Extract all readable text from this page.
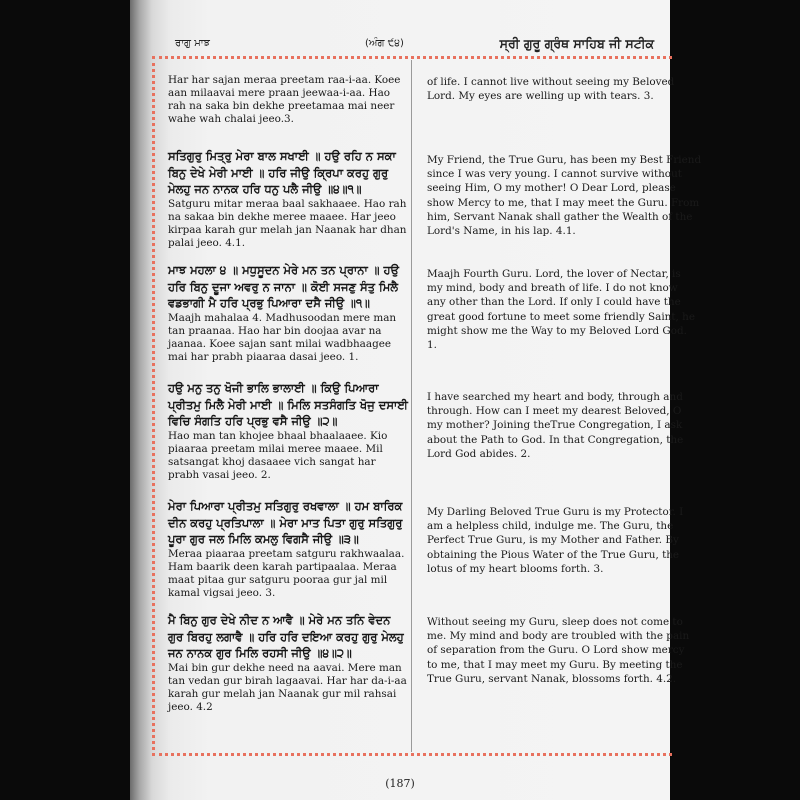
ਰਾਗੁ ਮਾਝ	(ਅੰਗ ੯੪)	ਸ੍ਰੀ ਗੁਰੂ ਗ੍ਰੰਥ ਸਾਹਿਬ ਜੀ ਸਟੀਕ
Har har sajan meraa preetam raa-i-aa. Koee aan milaavai mere praan jeewaa-i-aa. Hao rah na saka bin dekhe preetamaa mai neer wahe wah chalai jeeo.3.
of life. I cannot live without seeing my Beloved
Lord. My eyes are welling up with tears. 3.
ਸਤਿਗੁਰੁ ਮਿਤ੍ਰੁ ਮੇਰਾ ਬਾਲ ਸਖਾਈ ॥ ਹਉ ਰਹਿ ਨ ਸਕਾ ਬਿਨੁ ਦੇਖੇ ਮੇਰੀ ਮਾਈ ॥ ਹਰਿ ਜੀਉ ਕ੍ਰਿਪਾ ਕਰਹੁ ਗੁਰੁ ਮੇਲਹੁ ਜਨ ਨਾਨਕ ਹਰਿ ਧਨੁ ਪਲੈ ਜੀਉ ॥੪॥੧॥
Satguru mitar meraa baal sakhaaee. Hao rah na sakaa bin dekhe meree maaee. Har jeeo kirpaa karah gur melah jan Naanak har dhan palai jeeo. 4.1.
My Friend, the True Guru, has been my Best Friend
since I was very young. I cannot survive without
seeing Him, O my mother! O Dear Lord, please
show Mercy to me, that I may meet the Guru. From
him, Servant Nanak shall gather the Wealth of the
Lord's Name, in his lap. 4.1.
ਮਾਝ ਮਹਲਾ ੪ ॥ ਮਧੁਸੂਦਨ ਮੇਰੇ ਮਨ ਤਨ ਪ੍ਰਾਨਾ ॥ ਹਉ ਹਰਿ ਬਿਨੁ ਦੂਜਾ ਅਵਰੁ ਨ ਜਾਨਾ ॥ ਕੋਈ ਸਜਣੁ ਸੰਤੁ ਮਿਲੈ ਵਡਭਾਗੀ ਮੈ ਹਰਿ ਪ੍ਰਭੁ ਪਿਆਰਾ ਦਸੈ ਜੀਉ ॥੧॥
Maajh mahalaa 4. Madhusoodan mere man tan praanaa. Hao har bin doojaa avar na jaanaa. Koee sajan sant milai wadbhaagee mai har prabh piaaraa dasai jeeo. 1.
Maajh Fourth Guru. Lord, the lover of Nectar, is
my mind, body and breath of life. I do not know
any other than the Lord. If only I could have the
great good fortune to meet some friendly Saint, he
might show me the Way to my Beloved Lord God.
1.
ਹਉ ਮਨੁ ਤਨੁ ਖੋਜੀ ਭਾਲਿ ਭਾਲਾਈ ॥ ਕਿਉ ਪਿਆਰਾ ਪ੍ਰੀਤਮੁ ਮਿਲੈ ਮੇਰੀ ਮਾਈ ॥ ਮਿਲਿ ਸਤਸੰਗਤਿ ਖੋਜੁ ਦਸਾਈ ਵਿਚਿ ਸੰਗਤਿ ਹਰਿ ਪ੍ਰਭੁ ਵਸੈ ਜੀਉ ॥੨॥
Hao man tan khojee bhaal bhaalaaee. Kio piaaraa preetam milai meree maaee. Mil satsangat khoj dasaaee vich sangat har prabh vasai jeeo. 2.
I have searched my heart and body, through and
through. How can I meet my dearest Beloved, O
my mother? Joining theTrue Congregation, I ask
about the Path to God. In that Congregation, the
Lord God abides. 2.
ਮੇਰਾ ਪਿਆਰਾ ਪ੍ਰੀਤਮੁ ਸਤਿਗੁਰੁ ਰਖਵਾਲਾ ॥ ਹਮ ਬਾਰਿਕ ਦੀਨ ਕਰਹੁ ਪ੍ਰਤਿਪਾਲਾ ॥ ਮੇਰਾ ਮਾਤ ਪਿਤਾ ਗੁਰੁ ਸਤਿਗੁਰੁ ਪੂਰਾ ਗੁਰ ਜਲ ਮਿਲਿ ਕਮਲੁ ਵਿਗਸੈ ਜੀਉ ॥੩॥
Meraa piaaraa preetam satguru rakhwaalaa. Ham baarik deen karah partipaalaa. Meraa maat pitaa gur satguru pooraa gur jal mil kamal vigsai jeeo. 3.
My Darling Beloved True Guru is my Protector. I
am a helpless child, indulge me. The Guru, the
Perfect True Guru, is my Mother and Father. By
obtaining the Pious Water of the True Guru, the
lotus of my heart blooms forth. 3.
ਮੈ ਬਿਨੁ ਗੁਰ ਦੇਖੇ ਨੀਦ ਨ ਆਵੈ ॥ ਮੇਰੇ ਮਨ ਤਨਿ ਵੇਦਨ ਗੁਰ ਬਿਰਹੁ ਲਗਾਵੈ ॥ ਹਰਿ ਹਰਿ ਦਇਆ ਕਰਹੁ ਗੁਰੁ ਮੇਲਹੁ ਜਨ ਨਾਨਕ ਗੁਰ ਮਿਲਿ ਰਹਸੀ ਜੀਉ ॥੪॥੨॥
Mai bin gur dekhe need na aavai. Mere man tan vedan gur birah lagaavai. Har har da-i-aa karah gur melah jan Naanak gur mil rahsai jeeo. 4.2
Without seeing my Guru, sleep does not come to
me. My mind and body are troubled with the pain
of separation from the Guru. O Lord show mercy
to me, that I may meet my Guru. By meeting the
True Guru, servant Nanak, blossoms forth. 4.2.
(187)
